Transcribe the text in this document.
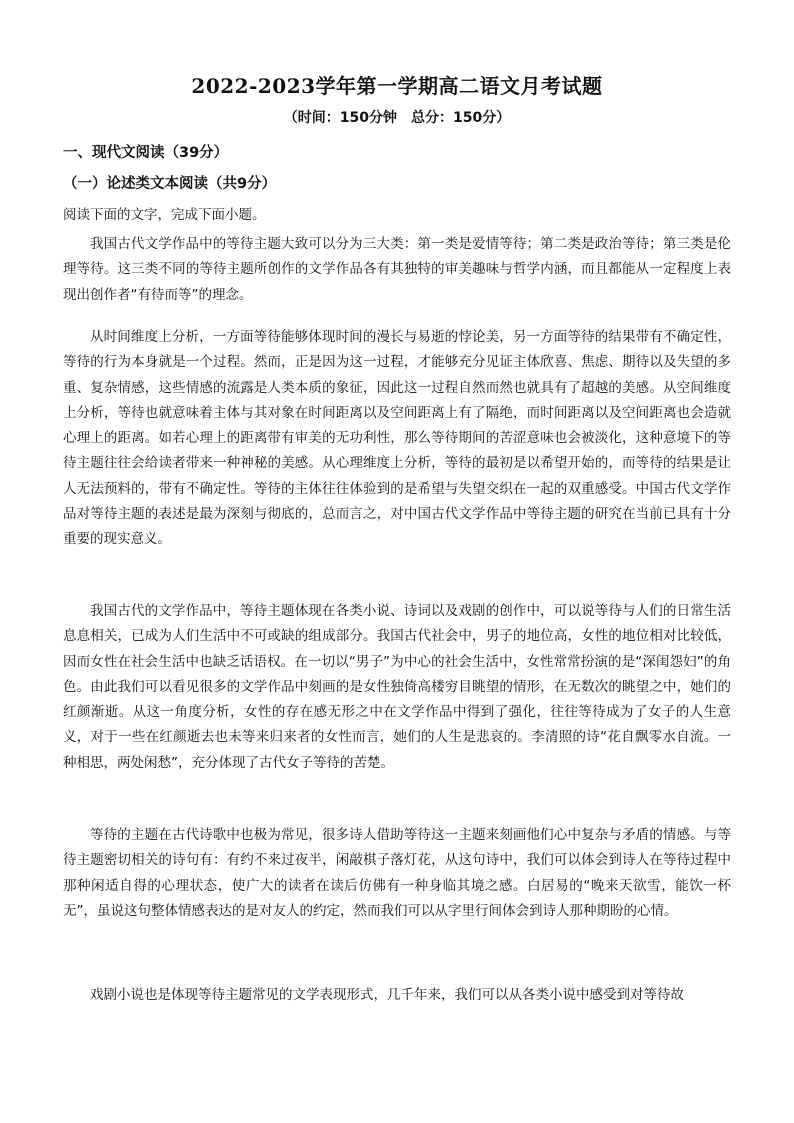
2022-2023学年第一学期高二语文月考试题
（时间：150分钟 总分：150分）
一、现代文阅读（39分）
（一）论述类文本阅读（共9分）
阅读下面的文字，完成下面小题。

我国古代文学作品中的等待主题大致可以分为三大类：第一类是爱情等待；第二类是政治等待；第三类是伦理等待。这三类不同的等待主题所创作的文学作品各有其独特的审美趣味与哲学内涵，而且都能从一定程度上表现出创作者“有待而等”的理念。

从时间维度上分析，一方面等待能够体现时间的漫长与易逝的悖论美，另一方面等待的结果带有不确定性，等待的行为本身就是一个过程。然而，正是因为这一过程，才能够充分见证主体欣喜、焦虑、期待以及失望的多重、复杂情感，这些情感的流露是人类本质的象征，因此这一过程自然而然也就具有了超越的美感。从空间维度上分析，等待也就意味着主体与其对象在时间距离以及空间距离上有了隔绝，而时间距离以及空间距离也会造就心理上的距离。如若心理上的距离带有审美的无功利性，那么等待期间的苦涩意味也会被淡化，这种意境下的等待主题往往会给读者带来一种神秘的美感。从心理维度上分析，等待的最初是以希望开始的，而等待的结果是让人无法预料的，带有不确定性。等待的主体往往体验到的是希望与失望交织在一起的双重感受。中国古代文学作品对等待主题的表述是最为深刻与彻底的，总而言之，对中国古代文学作品中等待主题的研究在当前已具有十分重要的现实意义。

我国古代的文学作品中，等待主题体现在各类小说、诗词以及戏剧的创作中，可以说等待与人们的日常生活息息相关，已成为人们生活中不可或缺的组成部分。我国古代社会中，男子的地位高，女性的地位相对比较低，因而女性在社会生活中也缺乏话语权。在一切以“男子”为中心的社会生活中，女性常常扮演的是“深闺怨妇”的角色。由此我们可以看见很多的文学作品中刻画的是女性独倚高楼穷目眺望的情形，在无数次的眺望之中，她们的红颜渐逝。从这一角度分析，女性的存在感无形之中在文学作品中得到了强化，往往等待成为了女子的人生意义，对于一些在红颜逝去也未等来归来者的女性而言，她们的人生是悲哀的。李清照的诗“花自飘零水自流。一种相思，两处闲愁”，充分体现了古代女子等待的苦楚。

等待的主题在古代诗歌中也极为常见，很多诗人借助等待这一主题来刻画他们心中复杂与矛盾的情感。与等待主题密切相关的诗句有：有约不来过夜半，闲敲棋子落灯花，从这句诗中，我们可以体会到诗人在等待过程中那种闲适自得的心理状态，使广大的读者在读后仿佛有一种身临其境之感。白居易的“晚来天欲雪，能饮一杯无”，虽说这句整体情感表达的是对友人的约定，然而我们可以从字里行间体会到诗人那种期盼的心情。

戏剧小说也是体现等待主题常见的文学表现形式，几千年来，我们可以从各类小说中感受到对等待故
